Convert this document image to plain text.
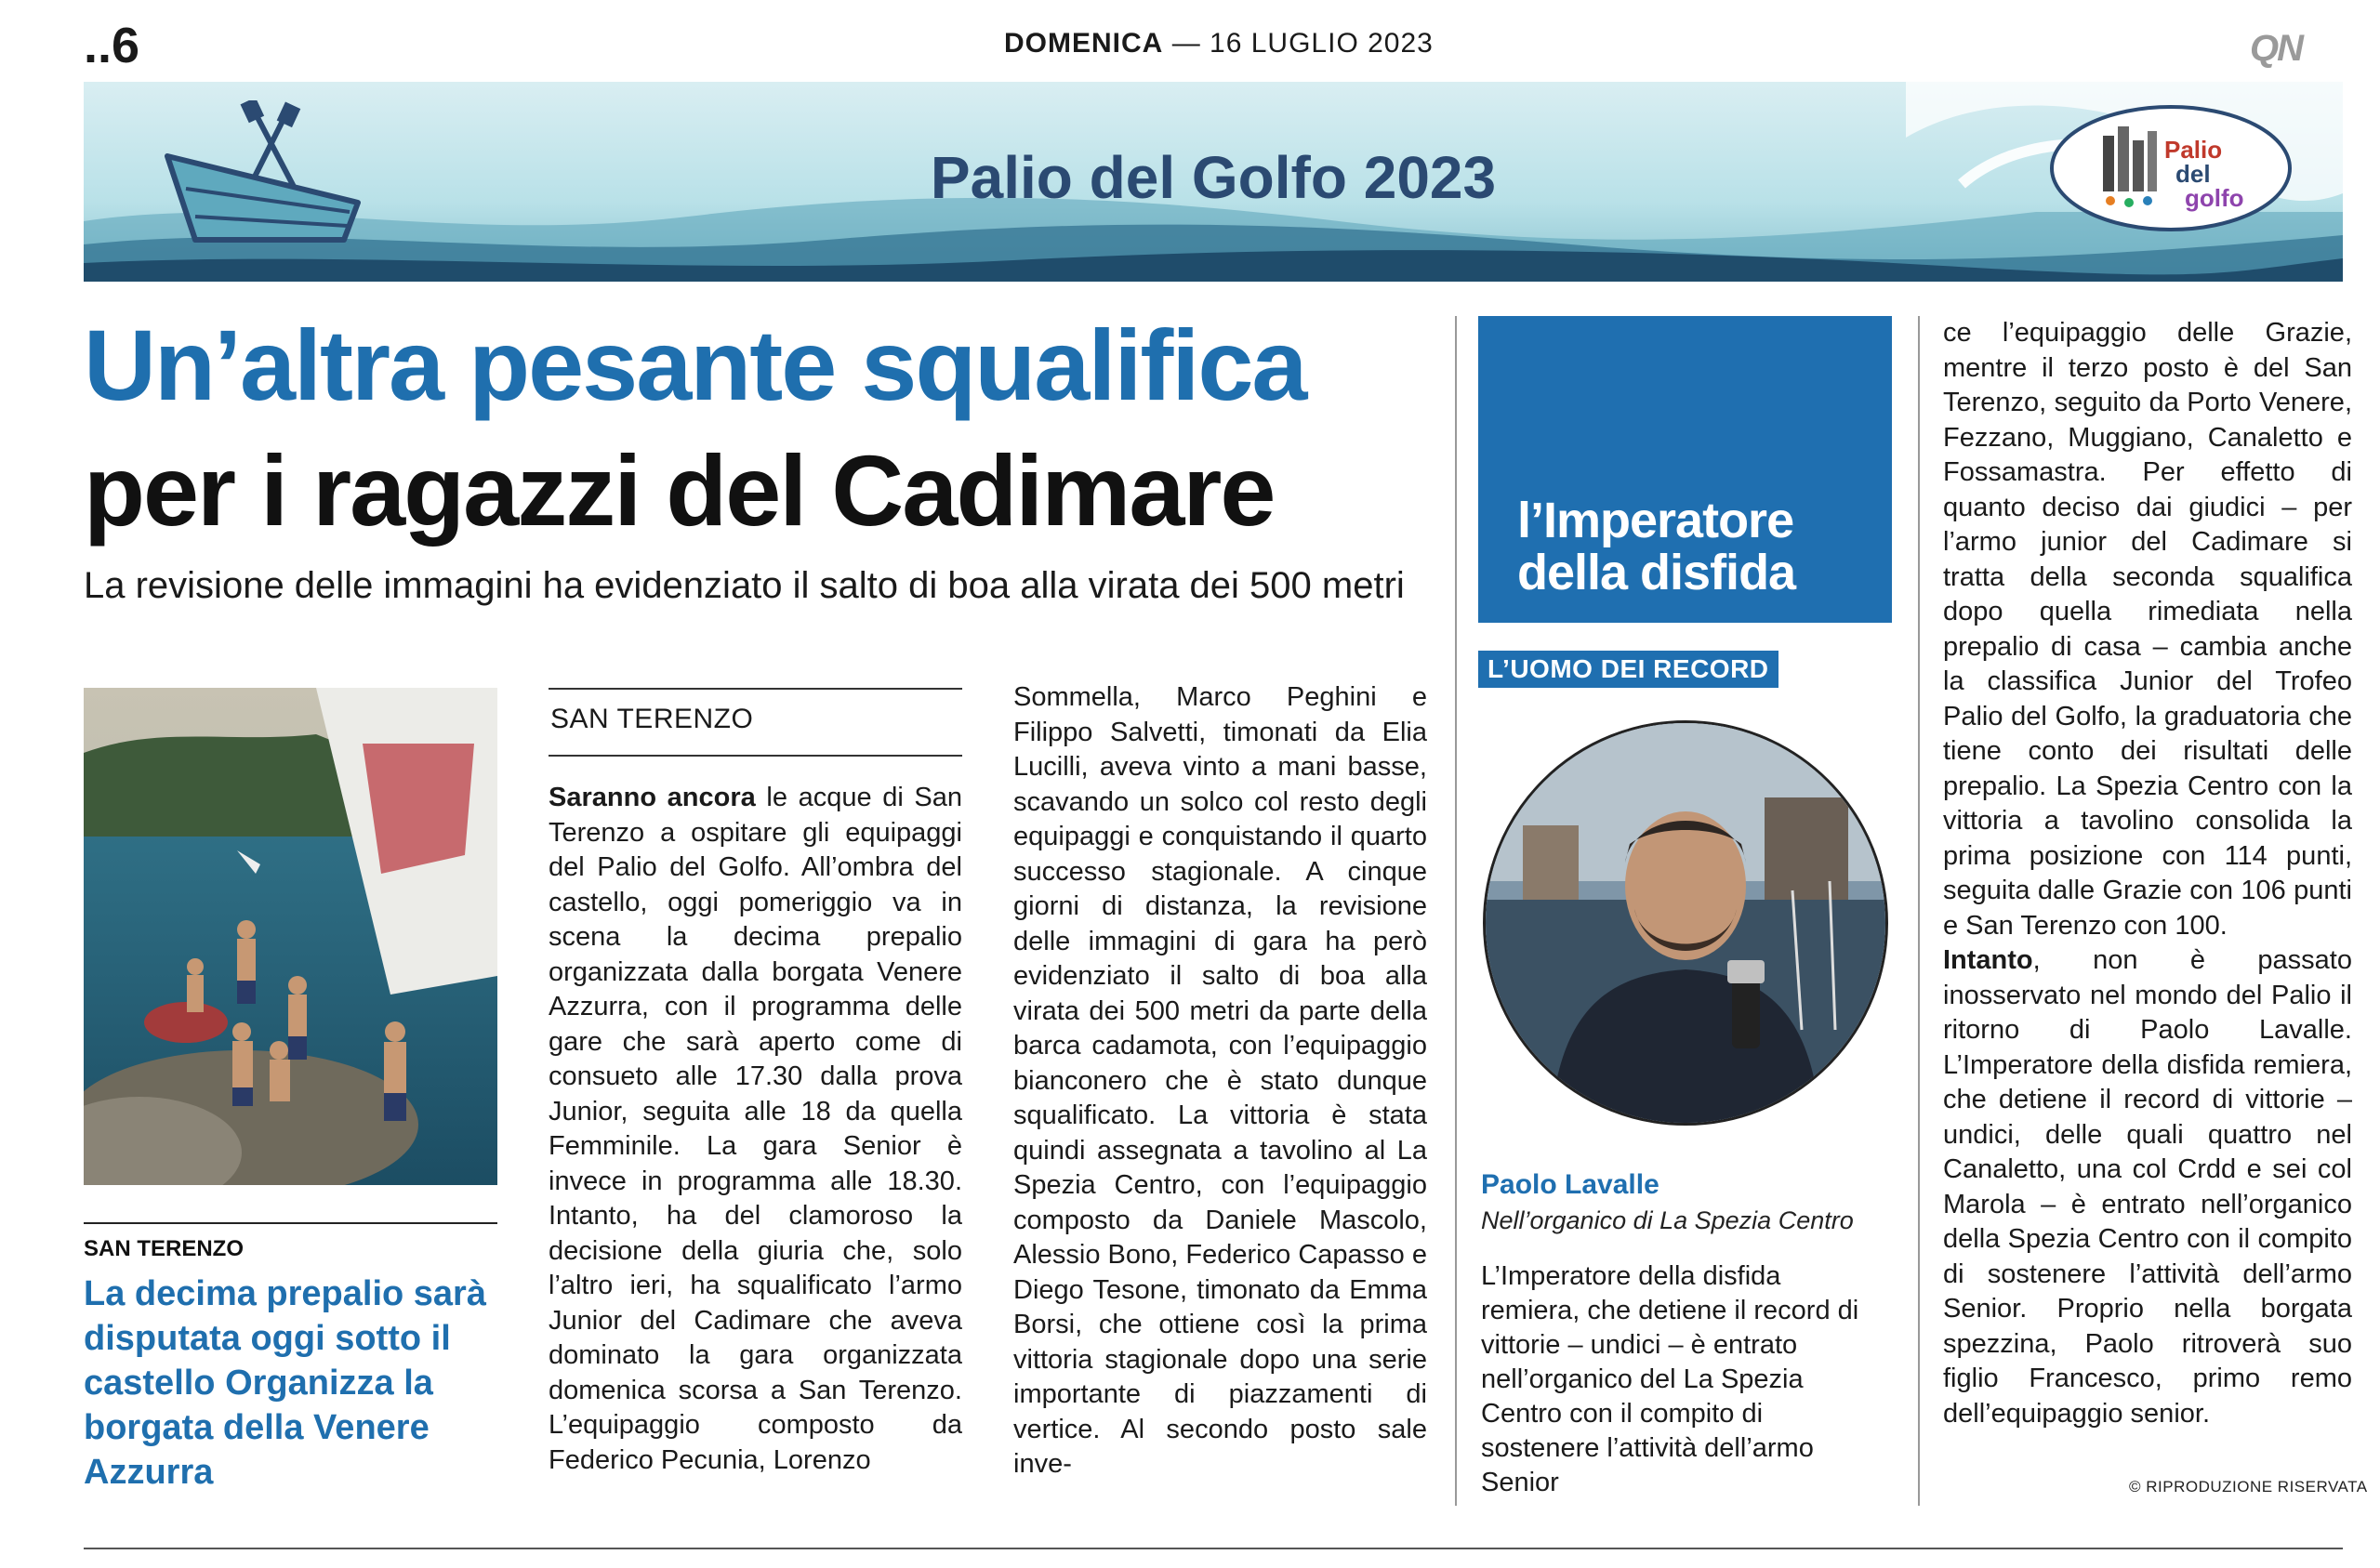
..6	DOMENICA — 16 LUGLIO 2023	QN
Palio del Golfo 2023	Palio
del
golfo
Un’altra pesante squalifica
per i ragazzi del Cadimare
La revisione delle immagini ha evidenziato il salto di boa alla virata dei 500 metri
SAN TERENZO
La decima prepalio sarà disputata oggi sotto il castello Organizza la borgata della Venere Azzurra
SAN TERENZO

Saranno ancora le acque di San Terenzo a ospitare gli equipaggi del Palio del Golfo. All’ombra del castello, oggi pomeriggio va in scena la decima prepalio organizzata dalla borgata Venere Azzurra, con il programma delle gare che sarà aperto come di consueto alle 17.30 dalla prova Junior, seguita alle 18 da quella Femminile. La gara Senior è invece in programma alle 18.30. Intanto, ha del clamoroso la decisione della giuria che, solo l’altro ieri, ha squalificato l’armo Junior del Cadimare che aveva dominato la gara organizzata domenica scorsa a San Terenzo. L’equipaggio composto da Federico Pecunia, Lorenzo

Sommella, Marco Peghini e Filippo Salvetti, timonati da Elia Lucilli, aveva vinto a mani basse, scavando un solco col resto degli equipaggi e conquistando il quarto successo stagionale. A cinque giorni di distanza, la revisione delle immagini di gara ha però evidenziato il salto di boa alla virata dei 500 metri da parte della barca cadamota, con l’equipaggio bianconero che è stato dunque squalificato. La vittoria è stata quindi assegnata a tavolino al La Spezia Centro, con l’equipaggio composto da Daniele Mascolo, Alessio Bono, Federico Capasso e Diego Tesone, timonato da Emma Borsi, che ottiene così la prima vittoria stagionale dopo una serie importante di piazzamenti di vertice. Al secondo posto sale inve-

l’Imperatore
della disfida
L’UOMO DEI RECORD
Paolo Lavalle
Nell’organico di La Spezia Centro
L’Imperatore della disfida remiera, che detiene il record di vittorie – undici – è entrato nell’organico del La Spezia Centro con il compito di sostenere l’attività dell’armo Senior

ce l’equipaggio delle Grazie, mentre il terzo posto è del San Terenzo, seguito da Porto Venere, Fezzano, Muggiano, Canaletto e Fossamastra. Per effetto di quanto deciso dai giudici – per l’armo junior del Cadimare si tratta della seconda squalifica dopo quella rimediata nella prepalio di casa – cambia anche la classifica Junior del Trofeo Palio del Golfo, la graduatoria che tiene conto dei risultati delle prepalio. La Spezia Centro con la vittoria a tavolino consolida la prima posizione con 114 punti, seguita dalle Grazie con 106 punti e San Terenzo con 100.

Intanto, non è passato inosservato nel mondo del Palio il ritorno di Paolo Lavalle. L’Imperatore della disfida remiera, che detiene il record di vittorie – undici, delle quali quattro nel Canaletto, una col Crdd e sei col Marola – è entrato nell’organico della Spezia Centro con il compito di sostenere l’attività dell’armo Senior. Proprio nella borgata spezzina, Paolo ritroverà suo figlio Francesco, primo remo dell’equipaggio senior.

© RIPRODUZIONE RISERVATA
